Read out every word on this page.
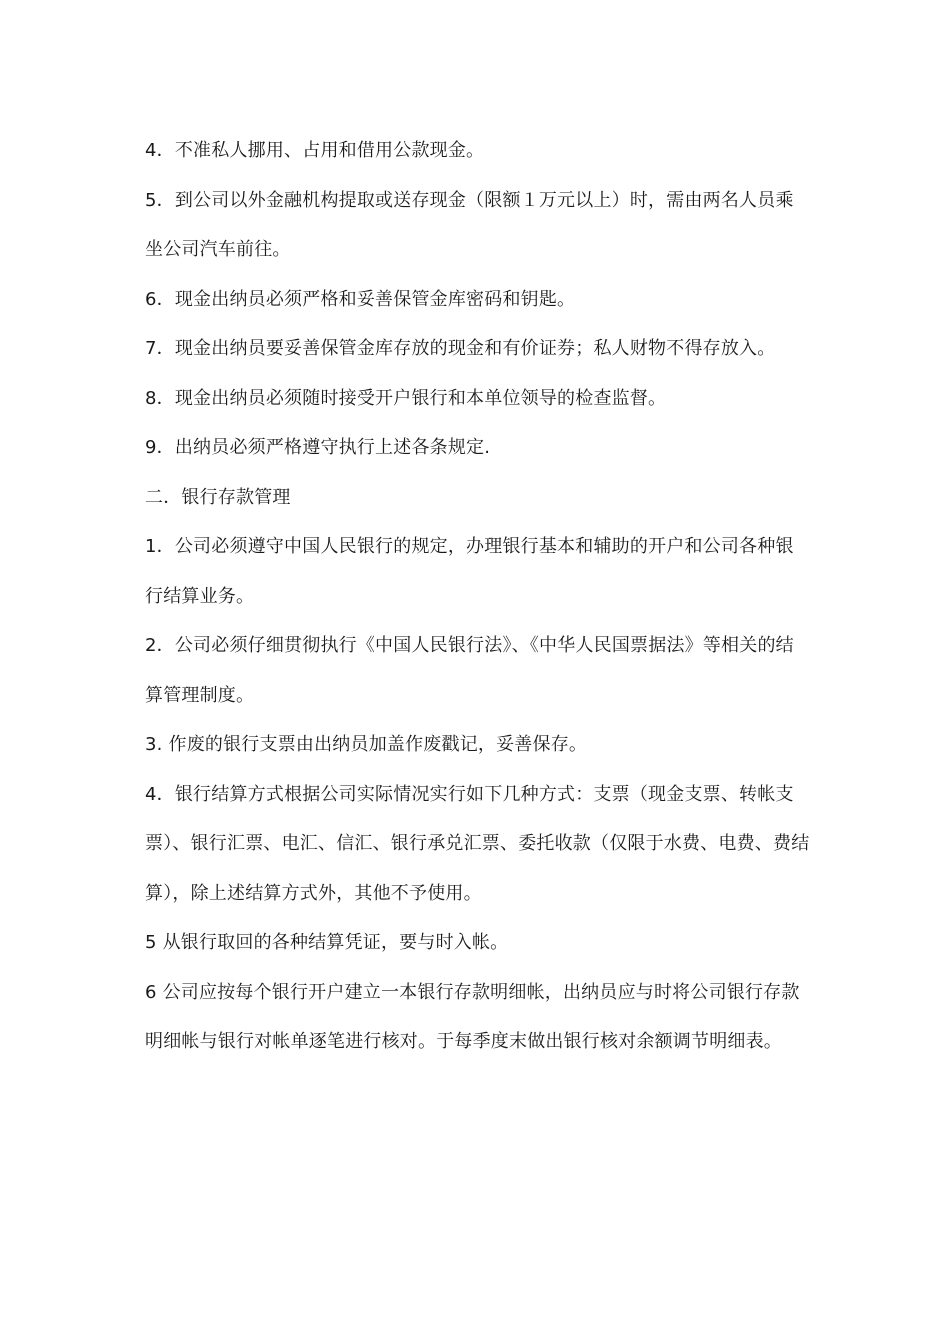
4．不准私人挪用、占用和借用公款现金。

5．到公司以外金融机构提取或送存现金（限额１万元以上）时，需由两名人员乘坐公司汽车前往。

6．现金出纳员必须严格和妥善保管金库密码和钥匙。

7．现金出纳员要妥善保管金库存放的现金和有价证券；私人财物不得存放入。

8．现金出纳员必须随时接受开户银行和本单位领导的检查监督。

9．出纳员必须严格遵守执行上述各条规定.

二．银行存款管理

1．公司必须遵守中国人民银行的规定，办理银行基本和辅助的开户和公司各种银行结算业务。

2．公司必须仔细贯彻执行《中国人民银行法》、《中华人民国票据法》等相关的结算管理制度。

3. 作废的银行支票由出纳员加盖作废戳记，妥善保存。

4．银行结算方式根据公司实际情况实行如下几种方式：支票（现金支票、转帐支票）、银行汇票、电汇、信汇、银行承兑汇票、委托收款（仅限于水费、电费、费结算），除上述结算方式外，其他不予使用。

5 从银行取回的各种结算凭证，要与时入帐。

6 公司应按每个银行开户建立一本银行存款明细帐，出纳员应与时将公司银行存款明细帐与银行对帐单逐笔进行核对。于每季度末做出银行核对余额调节明细表。
